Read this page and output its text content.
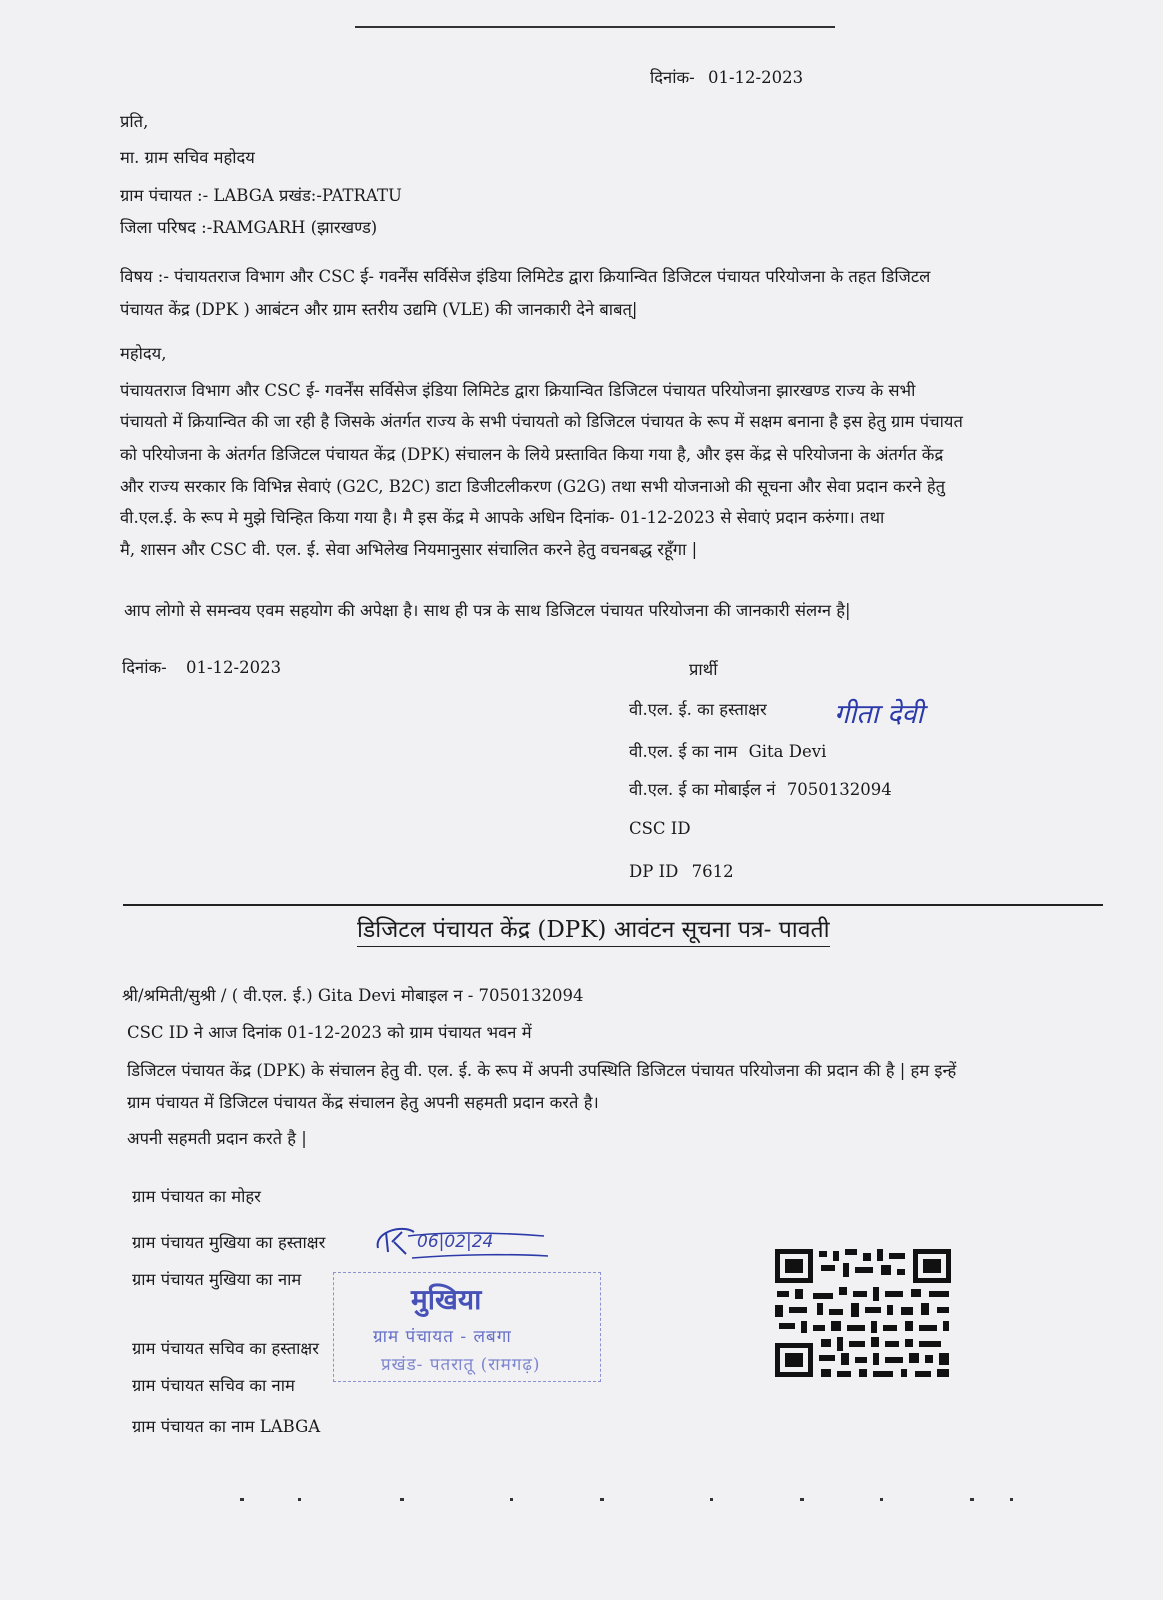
दिनांक- 01-12-2023
प्रति,
मा. ग्राम सचिव महोदय
ग्राम पंचायत :- LABGA प्रखंड:-PATRATU
जिला परिषद :-RAMGARH (झारखण्ड)
विषय :- पंचायतराज विभाग और CSC ई- गवर्नेंस सर्विसेज इंडिया लिमिटेड द्वारा क्रियान्वित डिजिटल पंचायत परियोजना के तहत डिजिटल
पंचायत केंद्र (DPK ) आबंटन और ग्राम स्तरीय उद्यमि (VLE) की जानकारी देने बाबत्|
महोदय,
पंचायतराज विभाग और CSC ई- गवर्नेंस सर्विसेज इंडिया लिमिटेड द्वारा क्रियान्वित डिजिटल पंचायत परियोजना झारखण्ड राज्य के सभी
पंचायतो में क्रियान्वित की जा रही है जिसके अंतर्गत राज्य के सभी पंचायतो को डिजिटल पंचायत के रूप में सक्षम बनाना है इस हेतु ग्राम पंचायत
को परियोजना के अंतर्गत डिजिटल पंचायत केंद्र (DPK) संचालन के लिये प्रस्तावित किया गया है, और इस केंद्र से परियोजना के अंतर्गत केंद्र
और राज्य सरकार कि विभिन्न सेवाएं (G2C, B2C) डाटा डिजीटलीकरण (G2G) तथा सभी योजनाओ की सूचना और सेवा प्रदान करने हेतु
वी.एल.ई. के रूप मे मुझे चिन्हित किया गया है। मै इस केंद्र मे आपके अधिन दिनांक- 01-12-2023 से सेवाएं प्रदान करुंगा। तथा
मै, शासन और CSC वी. एल. ई. सेवा अभिलेख नियमानुसार संचालित करने हेतु वचनबद्ध रहूँगा |
आप लोगो से समन्वय एवम सहयोग की अपेक्षा है। साथ ही पत्र के साथ डिजिटल पंचायत परियोजना की जानकारी संलग्न है|
दिनांक- 01-12-2023	प्रार्थी
वी.एल. ई. का हस्ताक्षर गीता देवी
वी.एल. ई का नाम Gita Devi
वी.एल. ई का मोबाईल नं 7050132094
CSC ID
DP ID 7612
डिजिटल पंचायत केंद्र (DPK) आवंटन सूचना पत्र- पावती
श्री/श्रमिती/सुश्री / ( वी.एल. ई.) Gita Devi मोबाइल न - 7050132094
CSC ID ने आज दिनांक 01-12-2023 को ग्राम पंचायत भवन में
डिजिटल पंचायत केंद्र (DPK) के संचालन हेतु वी. एल. ई. के रूप में अपनी उपस्थिति डिजिटल पंचायत परियोजना की प्रदान की है | हम इन्हें
ग्राम पंचायत में डिजिटल पंचायत केंद्र संचालन हेतु अपनी सहमती प्रदान करते है।
अपनी सहमती प्रदान करते है |
ग्राम पंचायत का मोहर
ग्राम पंचायत मुखिया का हस्ताक्षर
ग्राम पंचायत मुखिया का नाम
ग्राम पंचायत सचिव का हस्ताक्षर
ग्राम पंचायत सचिव का नाम
ग्राम पंचायत का नाम LABGA
मुखिया
ग्राम पंचायत - लबगा
प्रखंड- पतरातू (रामगढ़)
06|02|24
